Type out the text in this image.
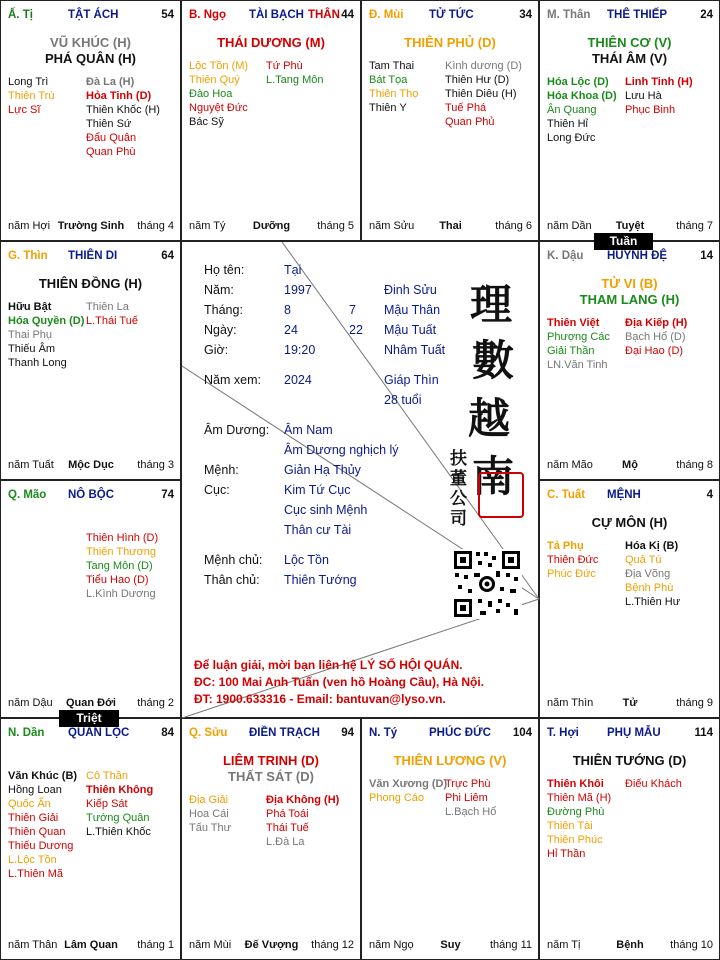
Ấ. Tị	TẬT ÁCH	54
VŨ KHÚC (H)
PHÁ QUÂN (H)
Long Trì
Thiên Trù
Lực Sĩ
Đà La (H)
Hỏa Tinh (D)
Thiên Khốc (H)
Thiên Sứ
Đẩu Quân
Quan Phù
năm Hợi Trường Sinh	tháng 4
B. Ngọ TÀI BẠCH THÂN 44
THÁI DƯƠNG (M)
Lộc Tồn (M)
Thiên Quý
Đào Hoa
Nguyệt Đức
Bác Sỹ
Tứ Phù
L.Tang Môn
năm Tý	Dưỡng	tháng 5
Đ. Mùi TỬ TỨC	34
THIÊN PHỦ (D)
Tam Thai
Bát Tọa
Thiên Thọ
Thiên Y
Kình dương (D)
Thiên Hư (D)
Thiên Diêu (H)
Tuế Phá
Quan Phủ
năm Sửu	Thai	tháng 6
M. Thân THÊ THIẾP	24
THIÊN CƠ (V)
THÁI ÂM (V)
Hóa Lộc (D)
Hóa Khoa (D)
Ân Quang
Thiên Hỉ
Long Đức
Linh Tinh (H)
Lưu Hà
Phục Binh
năm Dần	Tuyệt	tháng 7
G. Thìn THIÊN DI	64
THIÊN ĐỒNG (H)
Hữu Bật
Hóa Quyền (D)
Thai Phụ
Thiếu Âm
Thanh Long
Thiên La
L.Thái Tuế
năm Tuất	Mộc Dục	tháng 3
K. Dậu HUYNH ĐỆ	14
TỬ VI (B)
THAM LANG (H)
Thiên Việt
Phượng Các
Giải Thần
LN.Văn Tinh
Địa Kiếp (H)
Bạch Hổ (D)
Đại Hao (D)
năm Mão	Mộ	tháng 8
Q. Mão NÔ BỘC	74
Thiên Hình (D)
Thiên Thương
Tang Môn (D)
Tiểu Hao (D)
L.Kình Dương
năm Dậu	Quan Đới	tháng 2
C. Tuất MỆNH	4
CỰ MÔN (H)
Tả Phụ
Thiên Đức
Phúc Đức
Hóa Kị (B)
Quả Tú
Địa Võng
Bệnh Phù
L.Thiên Hư
năm Thìn	Tử	tháng 9
N. Dần QUAN LỘC	84
Văn Khúc (B)
Hồng Loan
Quốc Ấn
Thiên Giải
Thiên Quan
Thiếu Dương
L.Lộc Tồn
L.Thiên Mã
Cô Thần
Thiên Không
Kiếp Sát
Tướng Quân
L.Thiên Khốc
năm Thân Lâm Quan	tháng 1
Q. Sửu ĐIỀN TRẠCH 94
LIÊM TRINH (D)
THẤT SÁT (D)
Địa Giải
Hoa Cái
Tấu Thư
Địa Không (H)
Phá Toái
Thái Tuế
L.Đà La
năm Mùi	Đế Vượng	tháng 12
N. Tý	PHÚC ĐỨC 104
THIÊN LƯƠNG (V)
Văn Xương (D)
Phong Cáo
Trực Phù
Phi Liêm
L.Bạch Hổ
năm Ngọ	Suy	tháng 11
T. Hợi PHỤ MẪU	114
THIÊN TƯỚNG (D)
Thiên Khôi
Thiên Mã (H)
Đường Phù
Thiên Tài
Thiên Phúc
Hỉ Thần
Điếu Khách
năm Tị	Bệnh	tháng 10
Tuần
Triệt
Họ tên:	Tại
Năm:	1997	Đinh Sửu
Tháng:	8	7 Mậu Thân
Ngày:	24	22 Mậu Tuất
Giờ:	19:20	Nhâm Tuất
Năm xem: 2024	Giáp Thìn
28 tuổi
Âm Dương: Âm Nam
Âm Dương nghịch lý
Mệnh:	Giản Hạ Thủy
Cục:	Kim Tứ Cục
Cục sinh Mệnh
Thân cư Tài
Mệnh chủ: Lộc Tồn
Thân chủ: Thiên Tướng
理
數
越
南
扶
董
公
司
Để luận giải, mời bạn liên hệ LÝ SỐ HỘI QUÁN.
ĐC: 100 Mai Anh Tuấn (ven hồ Hoàng Cầu), Hà Nội.
ĐT: 1900.633316 - Email: bantuvan@lyso.vn.
